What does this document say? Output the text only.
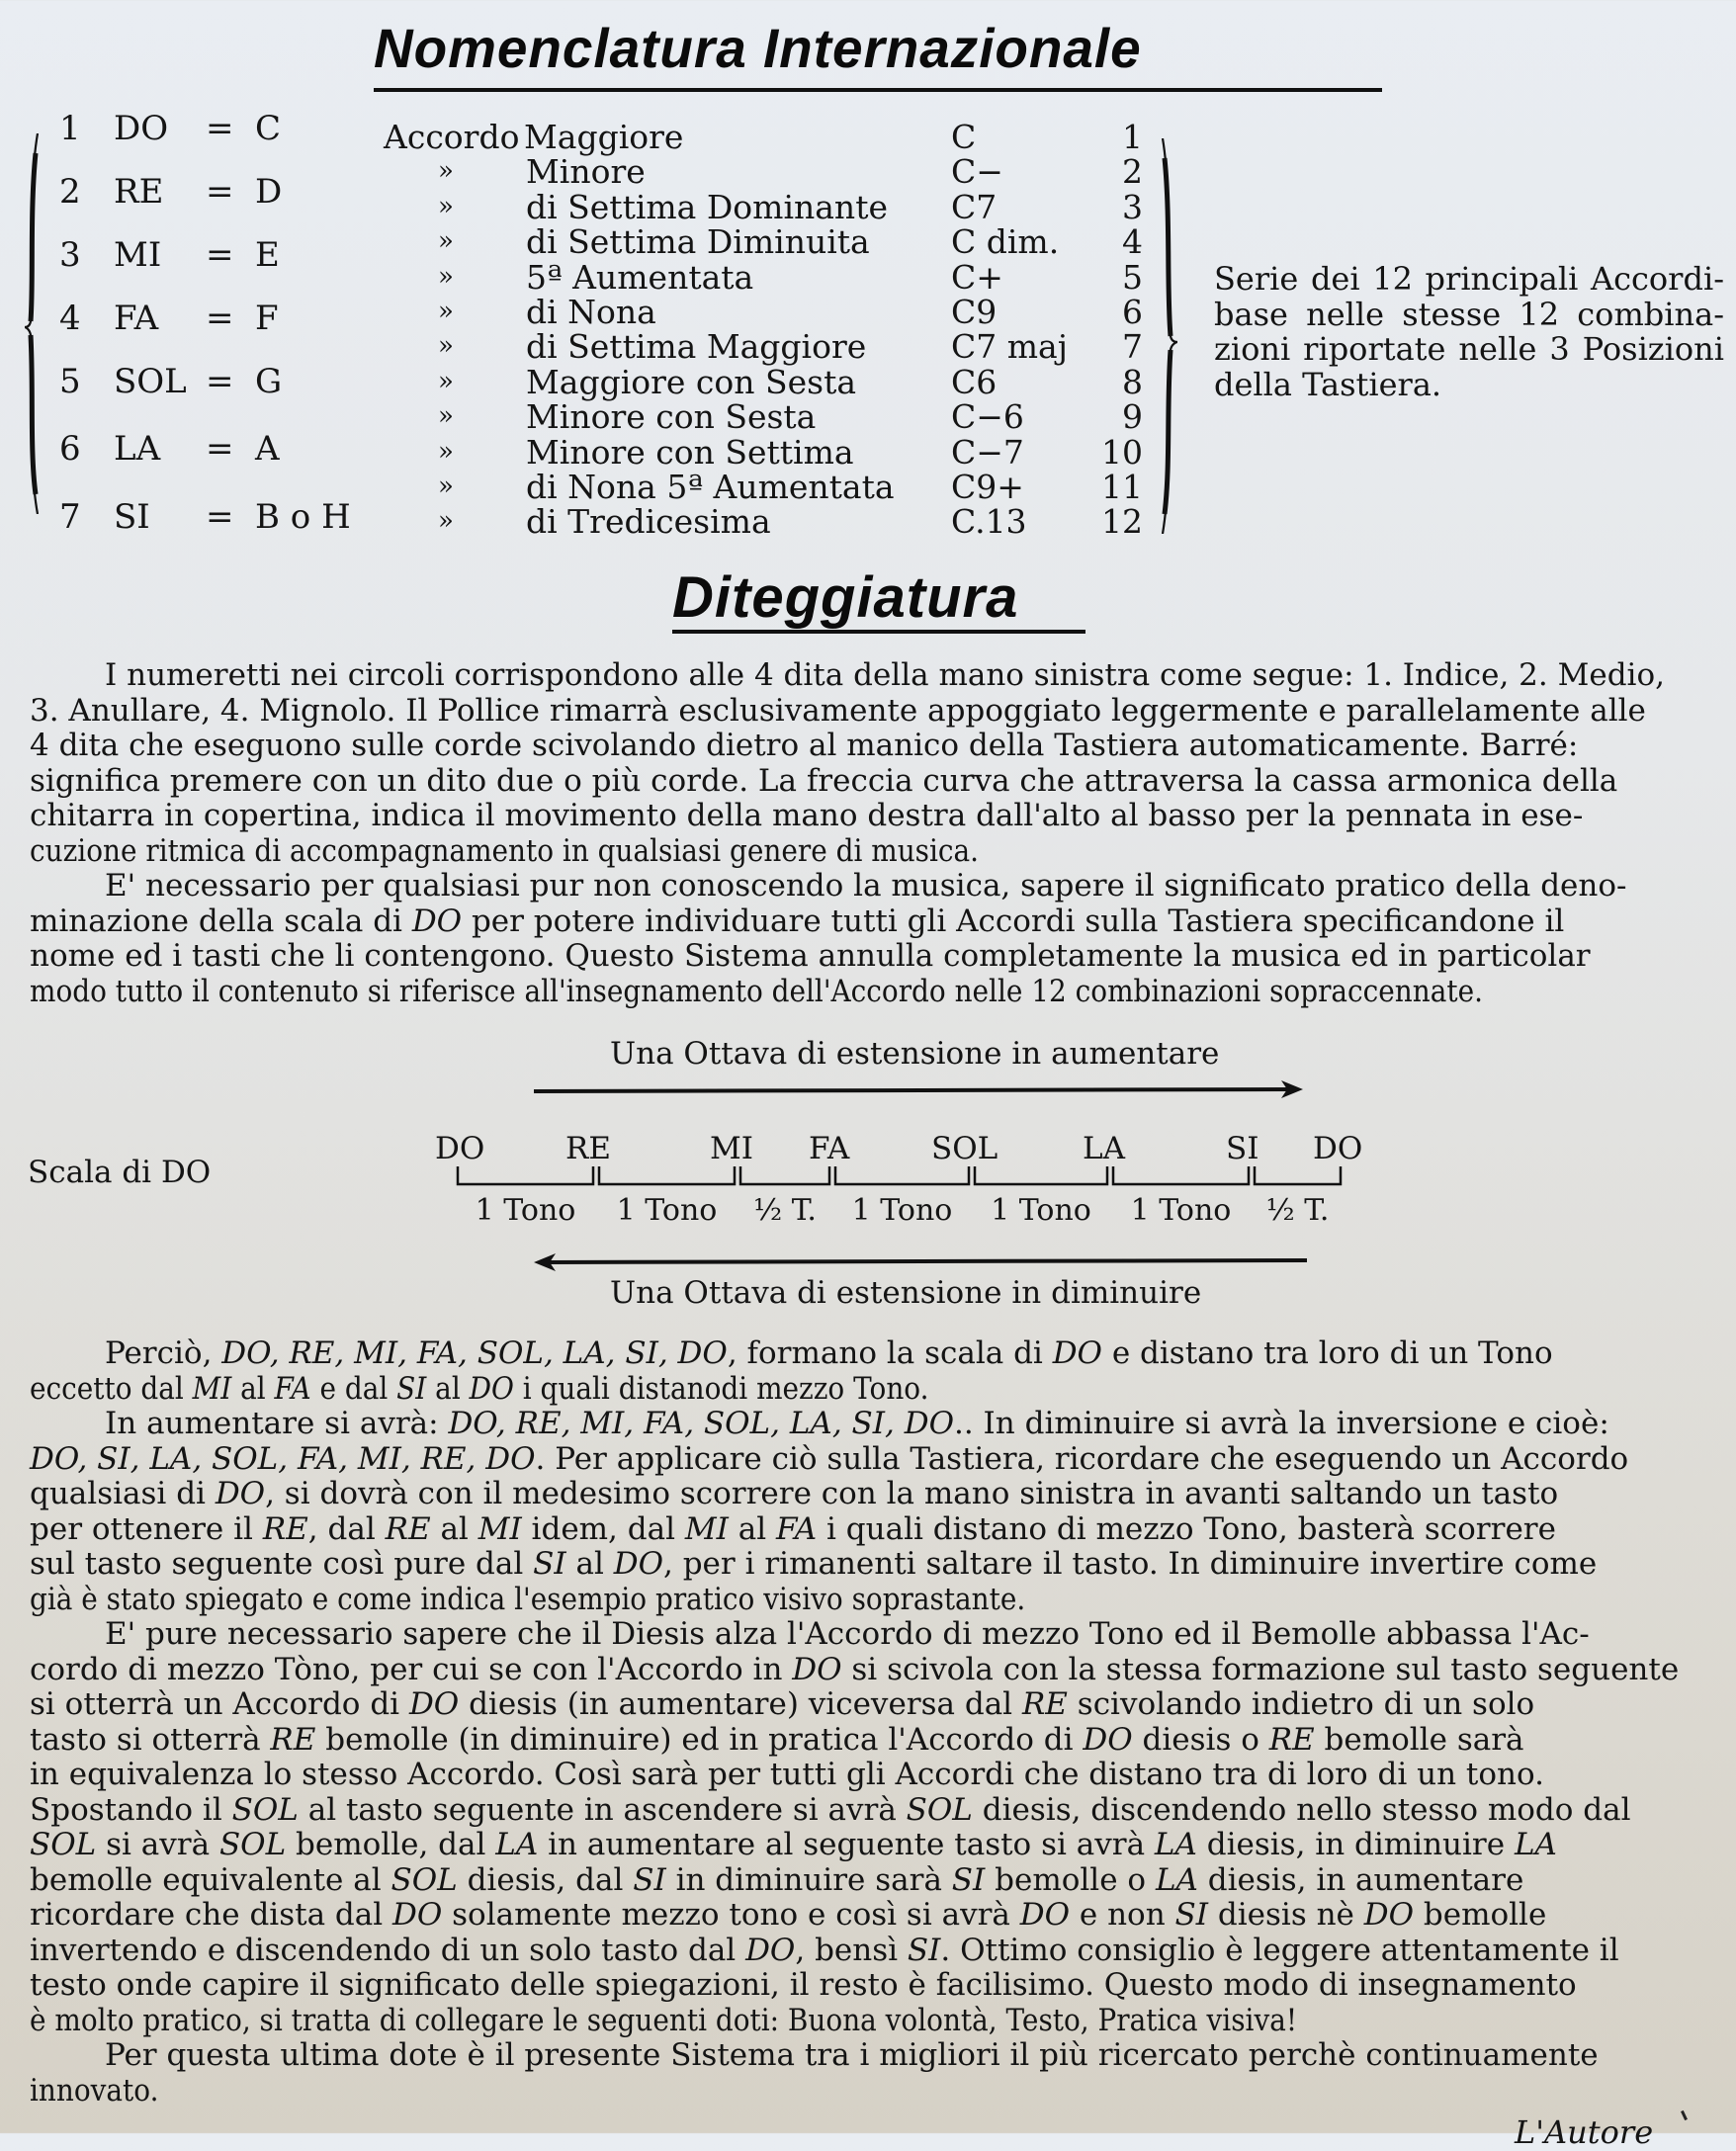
Nomenclatura Internazionale
1 DO = C
2 RE = D
3 MI = E
4 FA = F
5 SOL = G
6 LA = A
7 SI = B o H
Accordo Maggiore	C	1
» Minore	C−	2
» di Settima Dominante C7	3
» di Settima Diminuita C dim. 4
» 5ª Aumentata	C+	5
» di Nona	C9	6
» di Settima Maggiore	C7 maj 7
» Maggiore con Sesta	C6	8
» Minore con Sesta	C−6	9
» Minore con Settima	C−7 10
» di Nona 5ª Aumentata C9+ 11
» di Tredicesima	C.13 12
Serie dei 12 principali Accordi-
base nelle stesse 12 combina-
zioni riportate nelle 3 Posizioni
della Tastiera.
Diteggiatura
I numeretti nei circoli corrispondono alle 4 dita della mano sinistra come segue: 1. Indice, 2. Medio,
3. Anullare, 4. Mignolo. Il Pollice rimarrà esclusivamente appoggiato leggermente e parallelamente alle
4 dita che eseguono sulle corde scivolando dietro al manico della Tastiera automaticamente. Barré:
significa premere con un dito due o più corde. La freccia curva che attraversa la cassa armonica della
chitarra in copertina, indica il movimento della mano destra dall'alto al basso per la pennata in ese-
cuzione ritmica di accompagnamento in qualsiasi genere di musica.
E' necessario per qualsiasi pur non conoscendo la musica, sapere il significato pratico della deno-
minazione della scala di DO per potere individuare tutti gli Accordi sulla Tastiera specificandone il
nome ed i tasti che li contengono. Questo Sistema annulla completamente la musica ed in particolar
modo tutto il contenuto si riferisce all'insegnamento dell'Accordo nelle 12 combinazioni sopraccennate.
Scala di DO
Una Ottava di estensione in aumentare
Una Ottava di estensione in diminuire
DO	RE	MI FA	SOL	LA	SI DO
1 Tono 1 Tono ½ T. 1 Tono 1 Tono 1 Tono ½ T.
Perciò, DO, RE, MI, FA, SOL, LA, SI, DO, formano la scala di DO e distano tra loro di un Tono
eccetto dal MI al FA e dal SI al DO i quali distanodi mezzo Tono.
In aumentare si avrà: DO, RE, MI, FA, SOL, LA, SI, DO.. In diminuire si avrà la inversione e cioè:
DO, SI, LA, SOL, FA, MI, RE, DO. Per applicare ciò sulla Tastiera, ricordare che eseguendo un Accordo
qualsiasi di DO, si dovrà con il medesimo scorrere con la mano sinistra in avanti saltando un tasto
per ottenere il RE, dal RE al MI idem, dal MI al FA i quali distano di mezzo Tono, basterà scorrere
sul tasto seguente così pure dal SI al DO, per i rimanenti saltare il tasto. In diminuire invertire come
già è stato spiegato e come indica l'esempio pratico visivo soprastante.
E' pure necessario sapere che il Diesis alza l'Accordo di mezzo Tono ed il Bemolle abbassa l'Ac-
cordo di mezzo Tòno, per cui se con l'Accordo in DO si scivola con la stessa formazione sul tasto seguente
si otterrà un Accordo di DO diesis (in aumentare) viceversa dal RE scivolando indietro di un solo
tasto si otterrà RE bemolle (in diminuire) ed in pratica l'Accordo di DO diesis o RE bemolle sarà
in equivalenza lo stesso Accordo. Così sarà per tutti gli Accordi che distano tra di loro di un tono.
Spostando il SOL al tasto seguente in ascendere si avrà SOL diesis, discendendo nello stesso modo dal
SOL si avrà SOL bemolle, dal LA in aumentare al seguente tasto si avrà LA diesis, in diminuire LA
bemolle equivalente al SOL diesis, dal SI in diminuire sarà SI bemolle o LA diesis, in aumentare
ricordare che dista dal DO solamente mezzo tono e così si avrà DO e non SI diesis nè DO bemolle
invertendo e discendendo di un solo tasto dal DO, bensì SI. Ottimo consiglio è leggere attentamente il
testo onde capire il significato delle spiegazioni, il resto è facilisimo. Questo modo di insegnamento
è molto pratico, si tratta di collegare le seguenti doti: Buona volontà, Testo, Pratica visiva!
Per questa ultima dote è il presente Sistema tra i migliori il più ricercato perchè continuamente
innovato.
L'Autore
